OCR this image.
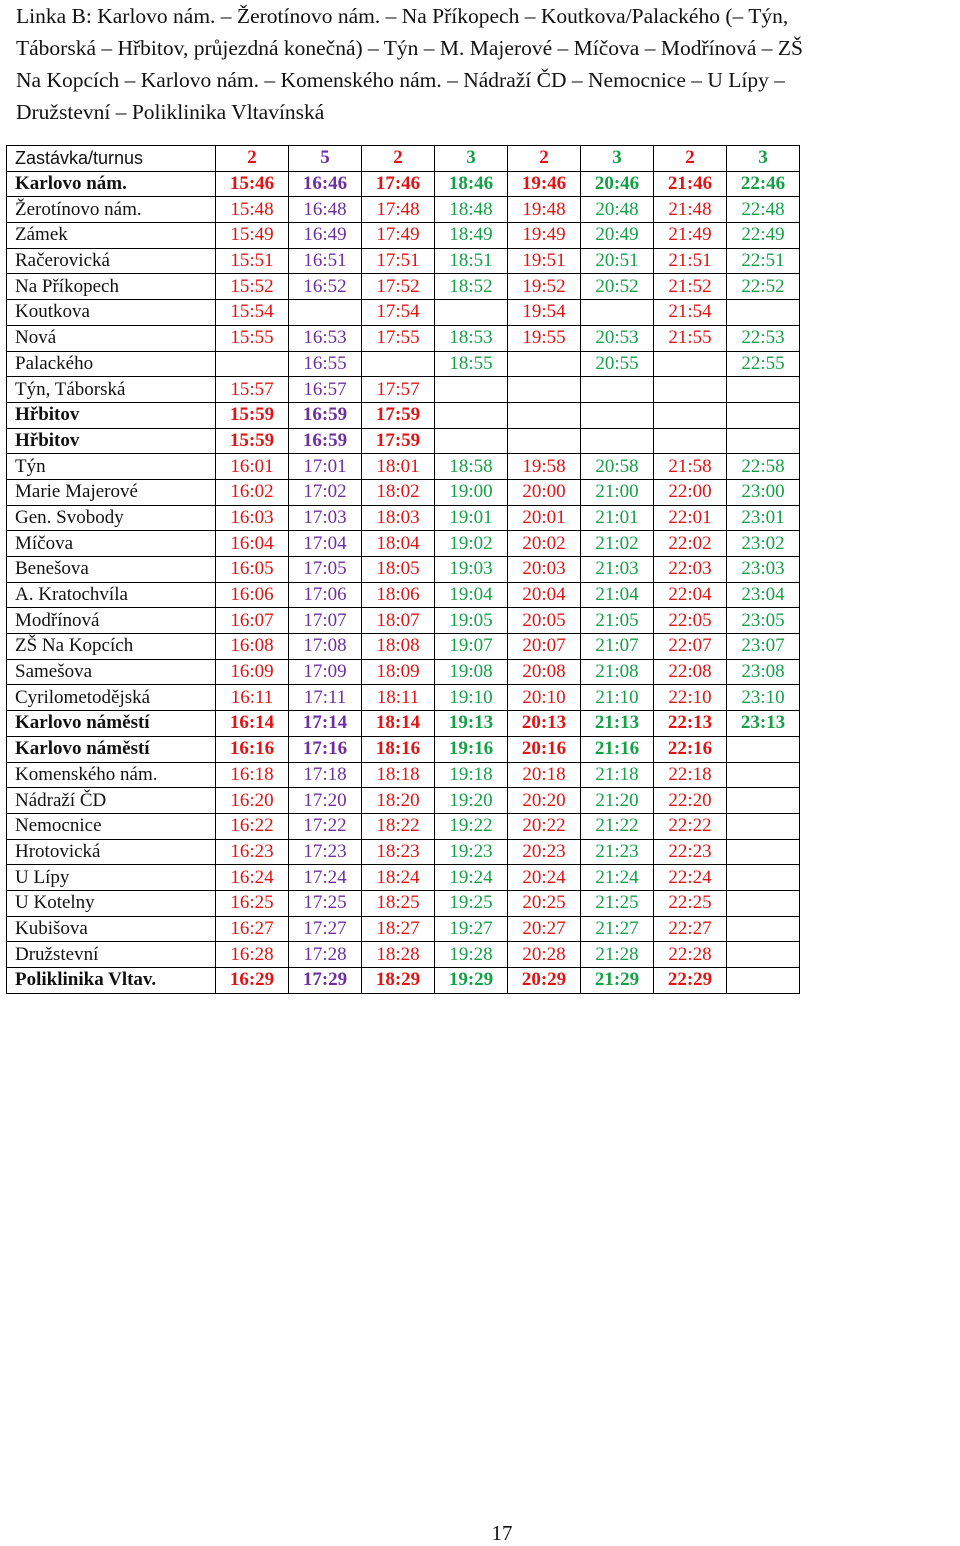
Linka B: Karlovo nám. – Žerotínovo nám. – Na Příkopech – Koutkova/Palackého (– Týn,
Táborská – Hřbitov, průjezdná konečná) – Týn – M. Majerové – Míčova – Modřínová – ZŠ
Na Kopcích – Karlovo nám. – Komenského nám. – Nádraží ČD – Nemocnice – U Lípy –
Družstevní – Poliklinika Vltavínská
Zastávka/turnus	2	5	2	3	2	3	2	3
Karlovo nám.	15:46	16:46	17:46	18:46	19:46	20:46	21:46	22:46
Žerotínovo nám.	15:48	16:48	17:48	18:48	19:48	20:48	21:48	22:48
Zámek	15:49	16:49	17:49	18:49	19:49	20:49	21:49	22:49
Račerovická	15:51	16:51	17:51	18:51	19:51	20:51	21:51	22:51
Na Příkopech	15:52	16:52	17:52	18:52	19:52	20:52	21:52	22:52
Koutkova	15:54		17:54		19:54		21:54	
Nová	15:55	16:53	17:55	18:53	19:55	20:53	21:55	22:53
Palackého		16:55		18:55		20:55		22:55
Týn, Táborská	15:57	16:57	17:57					
Hřbitov	15:59	16:59	17:59					
Hřbitov	15:59	16:59	17:59					
Týn	16:01	17:01	18:01	18:58	19:58	20:58	21:58	22:58
Marie Majerové	16:02	17:02	18:02	19:00	20:00	21:00	22:00	23:00
Gen. Svobody	16:03	17:03	18:03	19:01	20:01	21:01	22:01	23:01
Míčova	16:04	17:04	18:04	19:02	20:02	21:02	22:02	23:02
Benešova	16:05	17:05	18:05	19:03	20:03	21:03	22:03	23:03
A. Kratochvíla	16:06	17:06	18:06	19:04	20:04	21:04	22:04	23:04
Modřínová	16:07	17:07	18:07	19:05	20:05	21:05	22:05	23:05
ZŠ Na Kopcích	16:08	17:08	18:08	19:07	20:07	21:07	22:07	23:07
Samešova	16:09	17:09	18:09	19:08	20:08	21:08	22:08	23:08
Cyrilometodějská	16:11	17:11	18:11	19:10	20:10	21:10	22:10	23:10
Karlovo náměstí	16:14	17:14	18:14	19:13	20:13	21:13	22:13	23:13
Karlovo náměstí	16:16	17:16	18:16	19:16	20:16	21:16	22:16	
Komenského nám.	16:18	17:18	18:18	19:18	20:18	21:18	22:18	
Nádraží ČD	16:20	17:20	18:20	19:20	20:20	21:20	22:20	
Nemocnice	16:22	17:22	18:22	19:22	20:22	21:22	22:22	
Hrotovická	16:23	17:23	18:23	19:23	20:23	21:23	22:23	
U Lípy	16:24	17:24	18:24	19:24	20:24	21:24	22:24	
U Kotelny	16:25	17:25	18:25	19:25	20:25	21:25	22:25	
Kubišova	16:27	17:27	18:27	19:27	20:27	21:27	22:27	
Družstevní	16:28	17:28	18:28	19:28	20:28	21:28	22:28	
Poliklinika Vltav.	16:29	17:29	18:29	19:29	20:29	21:29	22:29	
17
